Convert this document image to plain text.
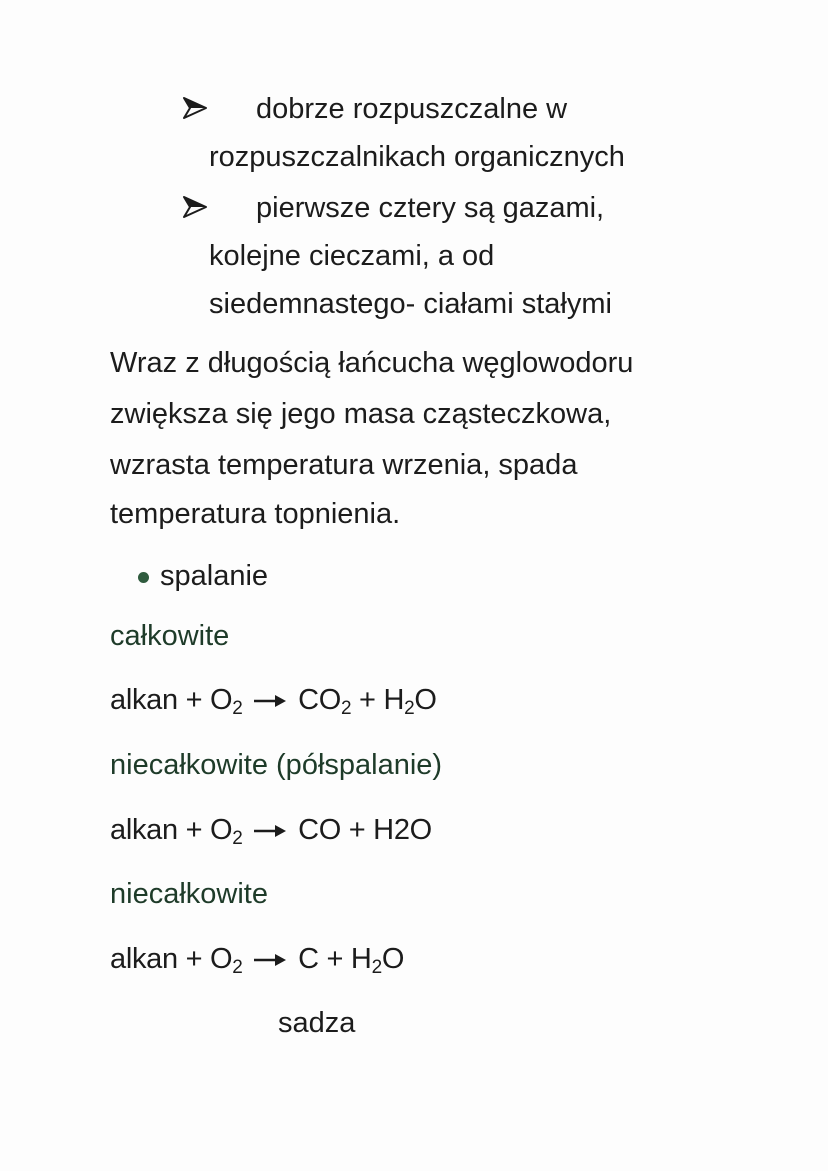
dobrze rozpuszczalne w
rozpuszczalnikach organicznych
pierwsze cztery są gazami,
kolejne cieczami, a od
siedemnastego- ciałami stałymi
Wraz z długością łańcucha węglowodoru
zwiększa się jego masa cząsteczkowa,
wzrasta temperatura wrzenia, spada
temperatura topnienia.
spalanie
całkowite
alkan + $O_2 \to CO_2 + H_2O$
niecałkowite (półspalanie)
alkan + $O_2$ → CO + H2O
niecałkowite
alkan + $O_2 \to C + H_2O$
sadza
